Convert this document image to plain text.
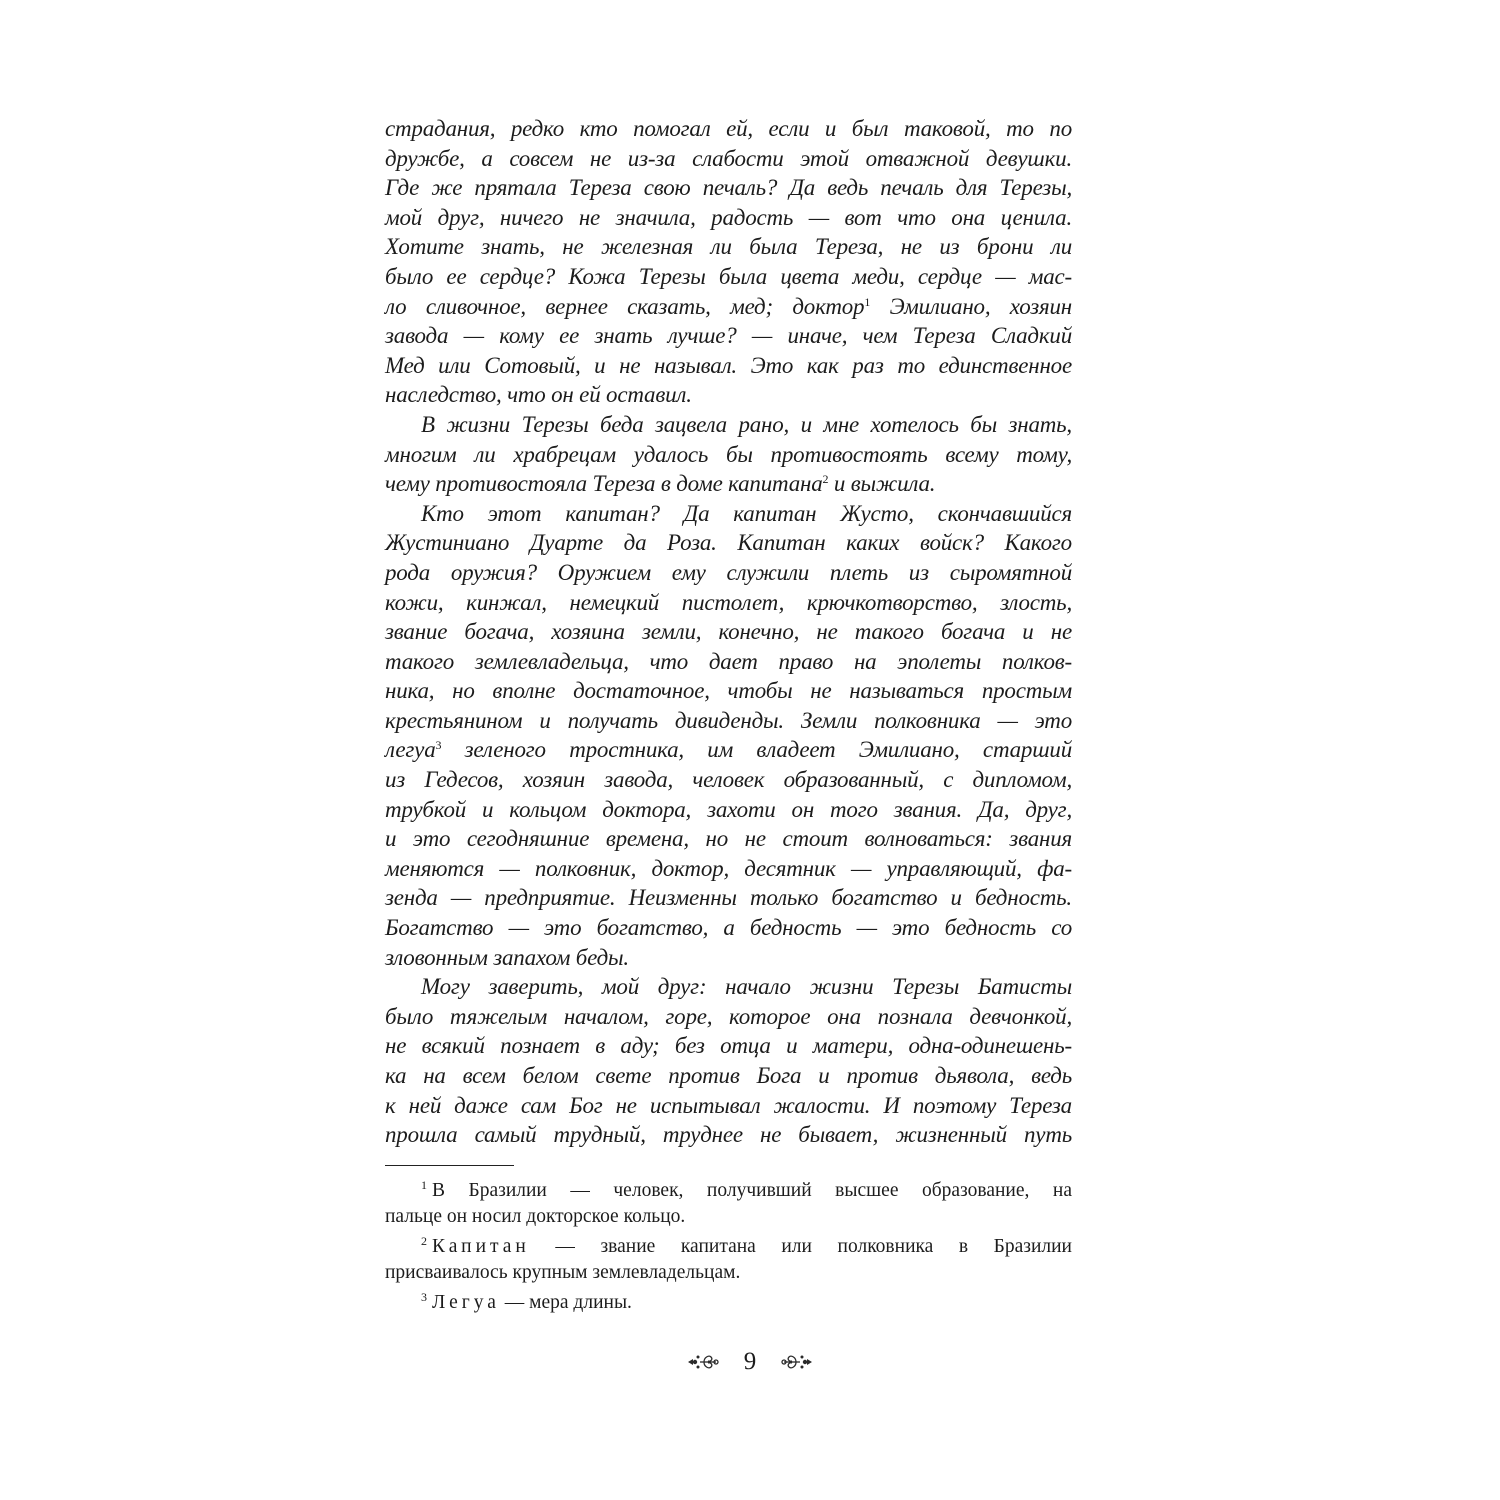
страдания, редко кто помогал ей, если и был таковой, то по
дружбе, а совсем не из-за слабости этой отважной девушки.
Где же прятала Тереза свою печаль? Да ведь печаль для Терезы,
мой друг, ничего не значила, радость — вот что она ценила.
Хотите знать, не железная ли была Тереза, не из брони ли
было ее сердце? Кожа Терезы была цвета меди, сердце — мас-
ло сливочное, вернее сказать, мед; доктор$^1$ Эмилиано, хозяин
завода — кому ее знать лучше? — иначе, чем Тереза Сладкий
Мед или Сотовый, и не называл. Это как раз то единственное
наследство, что он ей оставил.
В жизни Терезы беда зацвела рано, и мне хотелось бы знать,
многим ли храбрецам удалось бы противостоять всему тому,
чему противостояла Тереза в доме капитана$^2$ и выжила.
Кто этот капитан? Да капитан Жусто, скончавшийся
Жустиниано Дуарте да Роза. Капитан каких войск? Какого
рода оружия? Оружием ему служили плеть из сыромятной
кожи, кинжал, немецкий пистолет, крючкотворство, злость,
звание богача, хозяина земли, конечно, не такого богача и не
такого землевладельца, что дает право на эполеты полков-
ника, но вполне достаточное, чтобы не называться простым
крестьянином и получать дивиденды. Земли полковника — это
легуа$^3$ зеленого тростника, им владеет Эмилиано, старший
из Гедесов, хозяин завода, человек образованный, с дипломом,
трубкой и кольцом доктора, захоти он того звания. Да, друг,
и это сегодняшние времена, но не стоит волноваться: звания
меняются — полковник, доктор, десятник — управляющий, фа-
зенда — предприятие. Неизменны только богатство и бедность.
Богатство — это богатство, а бедность — это бедность со
зловонным запахом беды.
Могу заверить, мой друг: начало жизни Терезы Батисты
было тяжелым началом, горе, которое она познала девчонкой,
не всякий познает в аду; без отца и матери, одна-одинешень-
ка на всем белом свете против Бога и против дьявола, ведь
к ней даже сам Бог не испытывал жалости. И поэтому Тереза
прошла самый трудный, труднее не бывает, жизненный путь
$^1$ В Бразилии — человек, получивший высшее образование, на
пальце он носил докторское кольцо.
$^2$ Капитан — звание капитана или полковника в Бразилии
присваивалось крупным землевладельцам.
$^3$ Легуа — мера длины.
9
